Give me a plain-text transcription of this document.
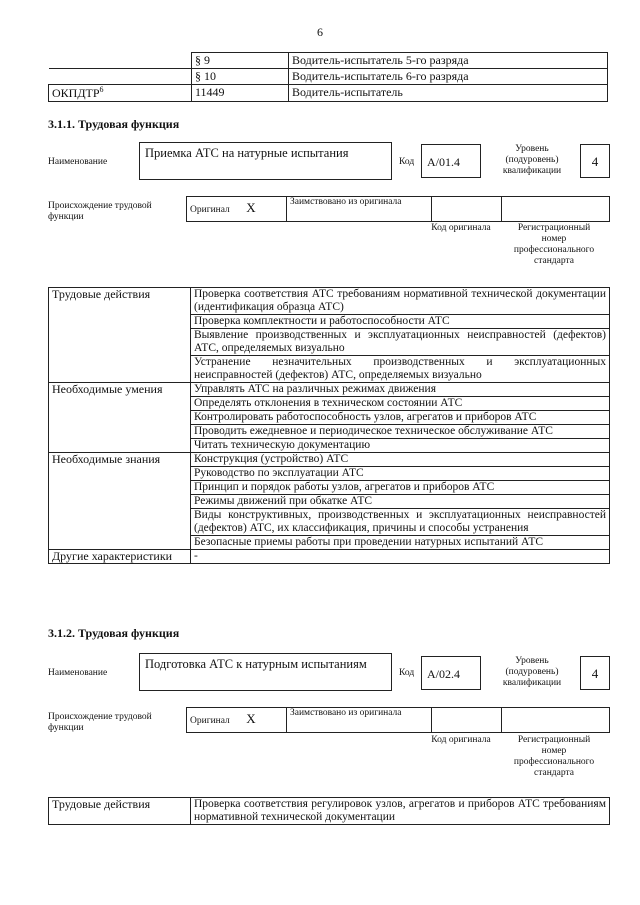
6
	§ 9	Водитель-испытатель 5-го разряда
	§ 10	Водитель-испытатель 6-го разряда
ОКПДТР$^6$	11449	Водитель-испытатель
3.1.1. Трудовая функция
Наименование
Приемка АТС на натурные испытания
Код	A/01.4
Уровень (подуровень) квалификации
4
Происхождение трудовой функции
Оригинал X	Заимствовано из оригинала		
Код оригинала	Регистрационный номер профессионального стандарта
Трудовые действия	Проверка соответствия АТС требованиям нормативной технической документации (идентификация образца АТС)
	Проверка комплектности и работоспособности АТС
	Выявление производственных и эксплуатационных неисправностей (дефектов) АТС, определяемых визуально
	Устранение незначительных производственных и эксплуатационных неисправностей (дефектов) АТС, определяемых визуально
Необходимые умения	Управлять АТС на различных режимах движения
	Определять отклонения в техническом состоянии АТС
	Контролировать работоспособность узлов, агрегатов и приборов АТС
	Проводить ежедневное и периодическое техническое обслуживание АТС
	Читать техническую документацию
Необходимые знания	Конструкция (устройство) АТС
	Руководство по эксплуатации АТС
	Принцип и порядок работы узлов, агрегатов и приборов АТС
	Режимы движений при обкатке АТС
	Виды конструктивных, производственных и эксплуатационных неисправностей (дефектов) АТС, их классификация, причины и способы устранения
	Безопасные приемы работы при проведении натурных испытаний АТС
Другие характеристики	-
3.1.2. Трудовая функция
Наименование
Подготовка АТС к натурным испытаниям
Код	A/02.4
Уровень (подуровень) квалификации
4
Происхождение трудовой функции
Оригинал X	Заимствовано из оригинала		
Код оригинала	Регистрационный номер профессионального стандарта
Трудовые действия	Проверка соответствия регулировок узлов, агрегатов и приборов АТС требованиям нормативной технической документации
